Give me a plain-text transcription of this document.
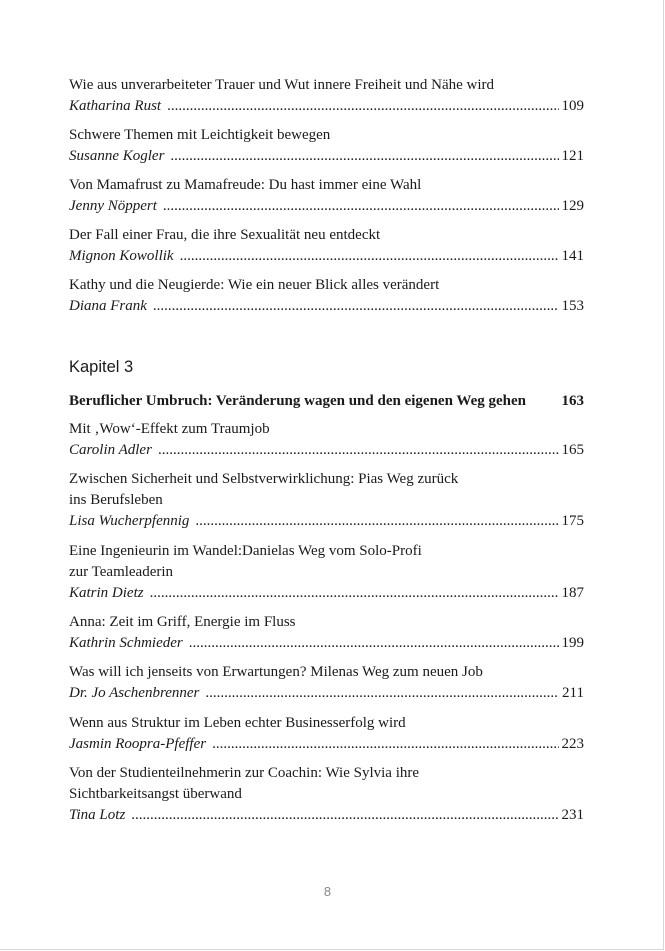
Wie aus unverarbeiteter Trauer und Wut innere Freiheit und Nähe wird
Katharina Rust .....	109
Schwere Themen mit Leichtigkeit bewegen
Susanne Kogler .....	121
Von Mamafrust zu Mamafreude: Du hast immer eine Wahl
Jenny Nöppert .....	129
Der Fall einer Frau, die ihre Sexualität neu entdeckt
Mignon Kowollik .....	141
Kathy und die Neugierde: Wie ein neuer Blick alles verändert
Diana Frank .....	153
Kapitel 3
Beruflicher Umbruch: Veränderung wagen und den eigenen Weg gehen 163
Mit ‚Wow‘-Effekt zum Traumjob
Carolin Adler .....	165
Zwischen Sicherheit und Selbstverwirklichung: Pias Weg zurück
ins Berufsleben
Lisa Wucherpfennig .....	175
Eine Ingenieurin im Wandel:Danielas Weg vom Solo-Profi
zur Teamleaderin
Katrin Dietz .....	187
Anna: Zeit im Griff, Energie im Fluss
Kathrin Schmieder .....	199
Was will ich jenseits von Erwartungen? Milenas Weg zum neuen Job
Dr. Jo Aschenbrenner .....	211
Wenn aus Struktur im Leben echter Businesserfolg wird
Jasmin Roopra-Pfeffer .....	223
Von der Studienteilnehmerin zur Coachin: Wie Sylvia ihre
Sichtbarkeitsangst überwand
Tina Lotz .....	231
8
